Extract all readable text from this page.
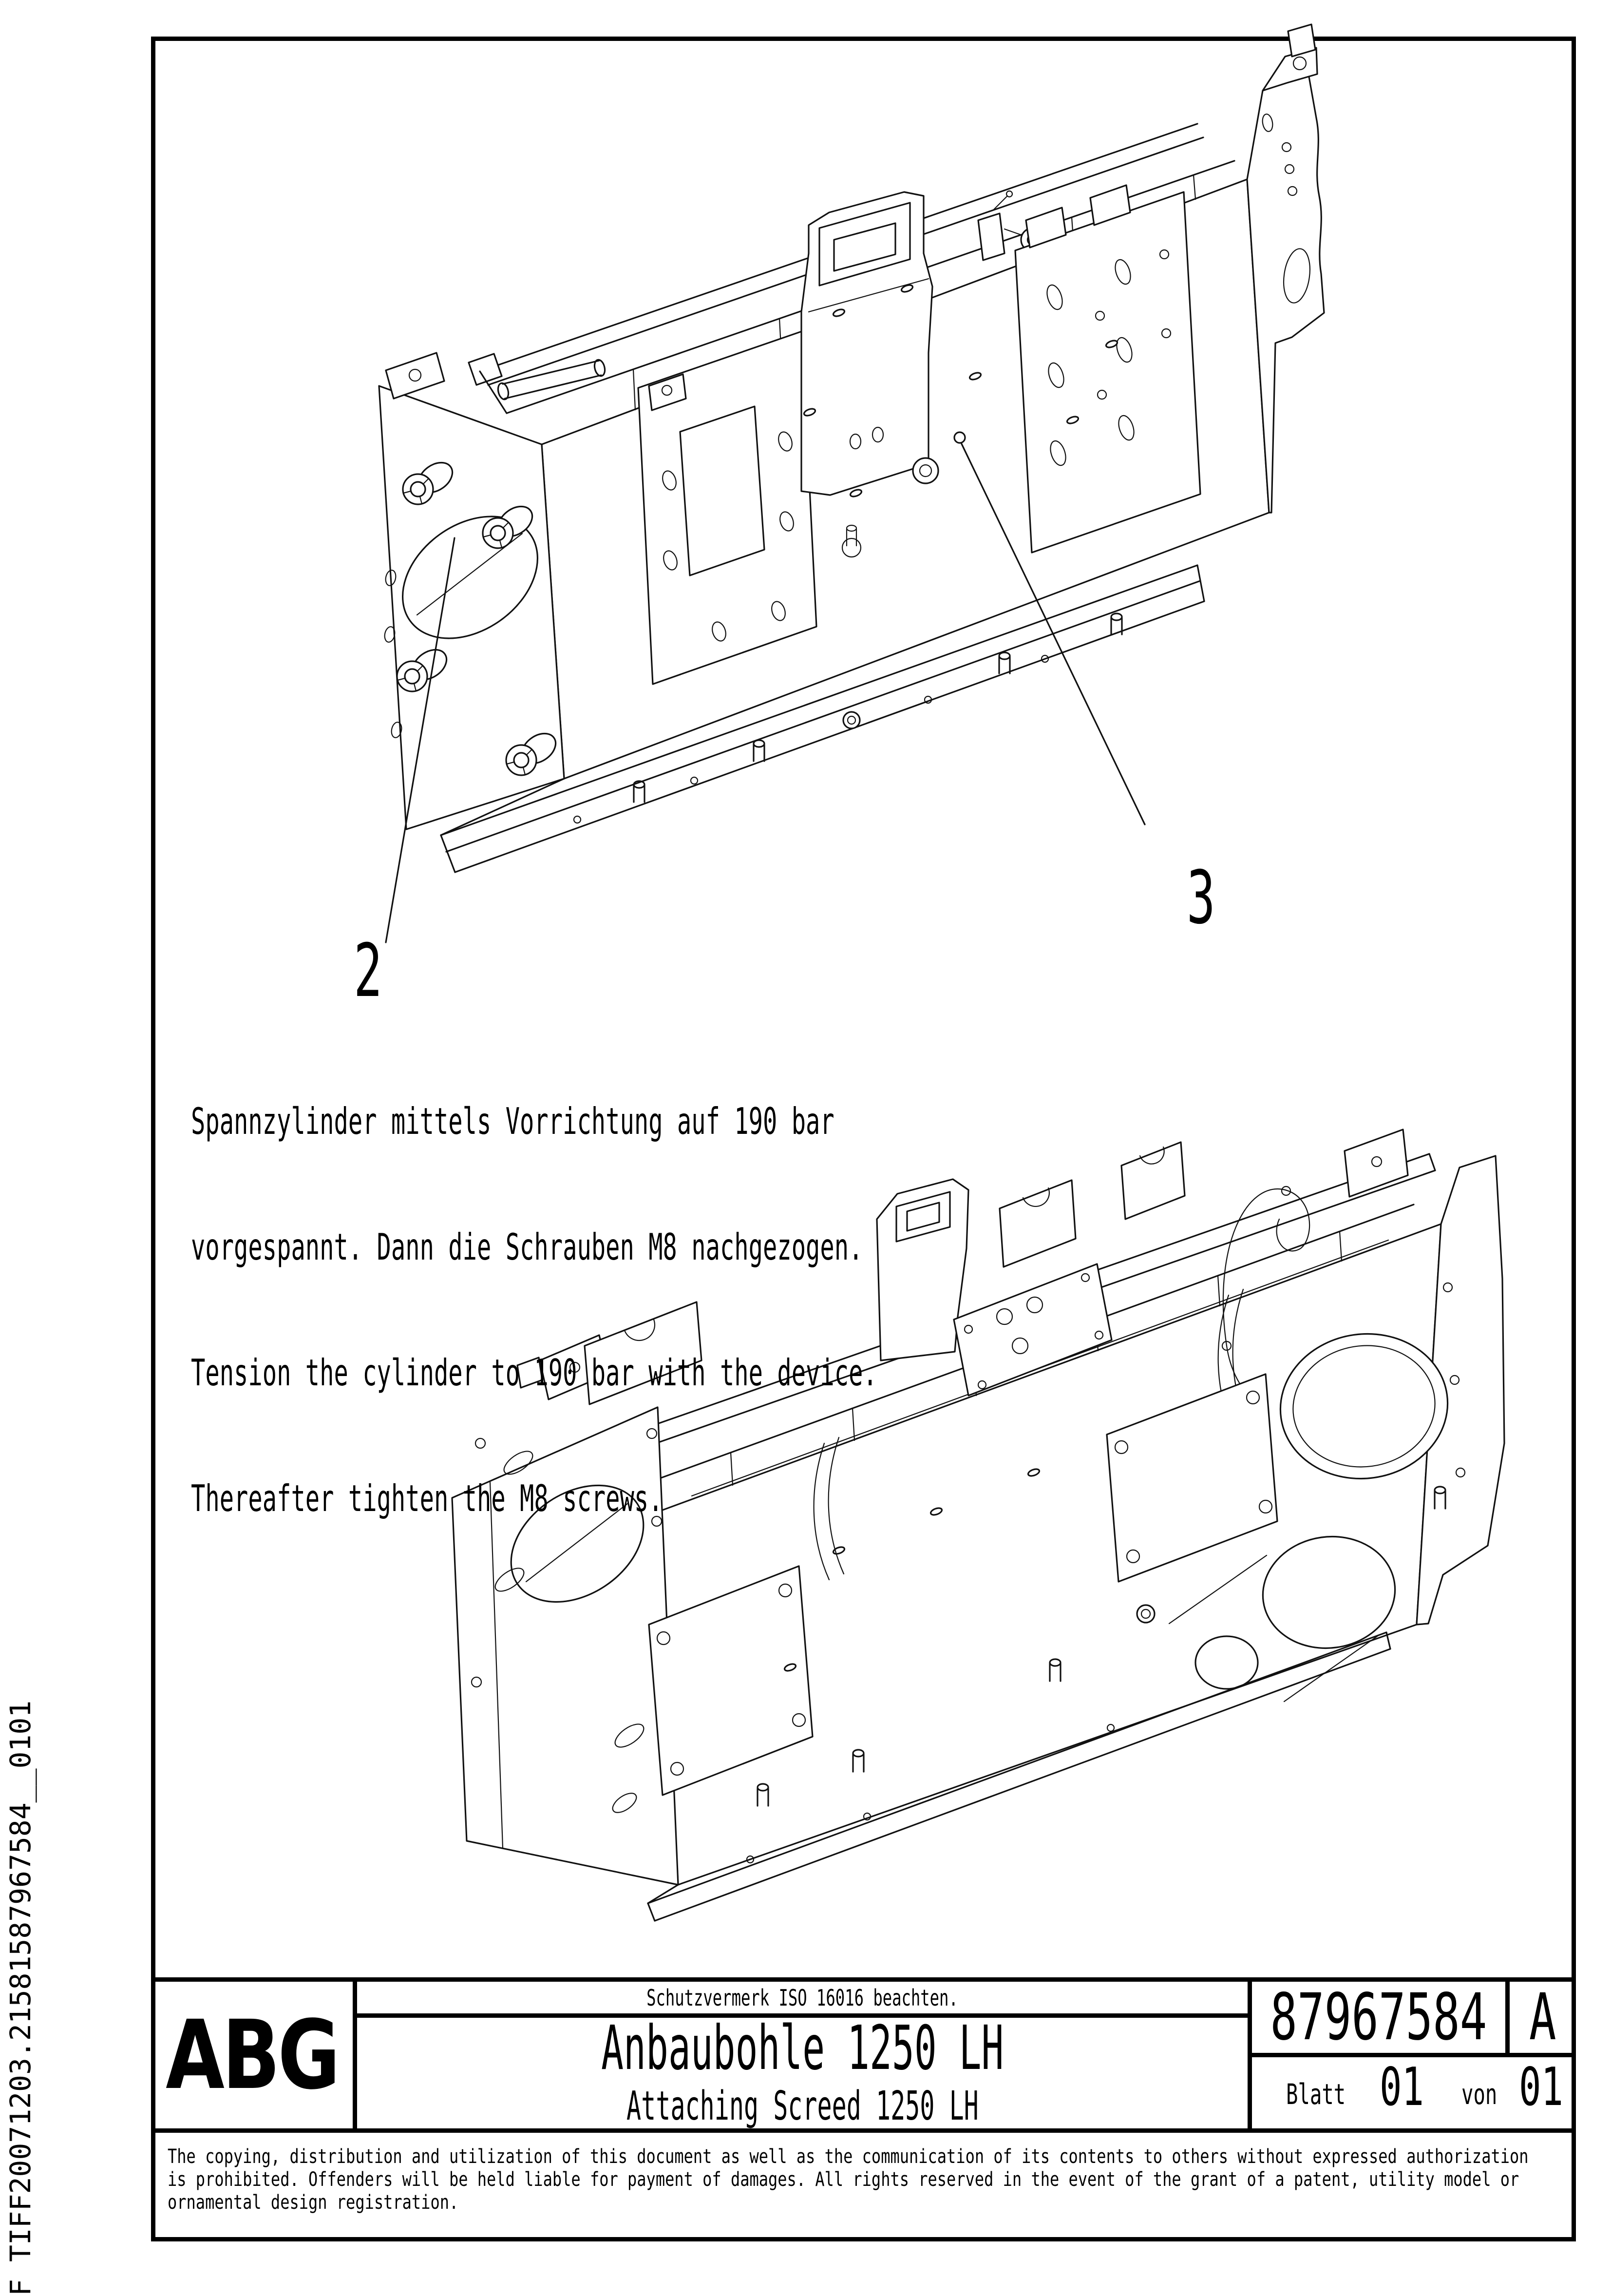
2
3

Spannzylinder mittels Vorrichtung auf 190 bar

vorgespannt. Dann die Schrauben M8 nachgezogen.

Tension the cylinder to 190 bar with the device.

Thereafter tighten the M8 screws.

F TIFF20071203.21581587967584__0101 ABG
Schutzvermerk ISO 16016 beachten.
Anbaubohle 1250 LH
Attaching Screed 1250 LH
87967584 A
Blatt 01 von 01
The copying, distribution and utilization of this document as well as the communication of its contents to others without expressed authorization
is prohibited. Offenders will be held liable for payment of damages. All rights reserved in the event of the grant of a patent, utility model or
ornamental design registration.
